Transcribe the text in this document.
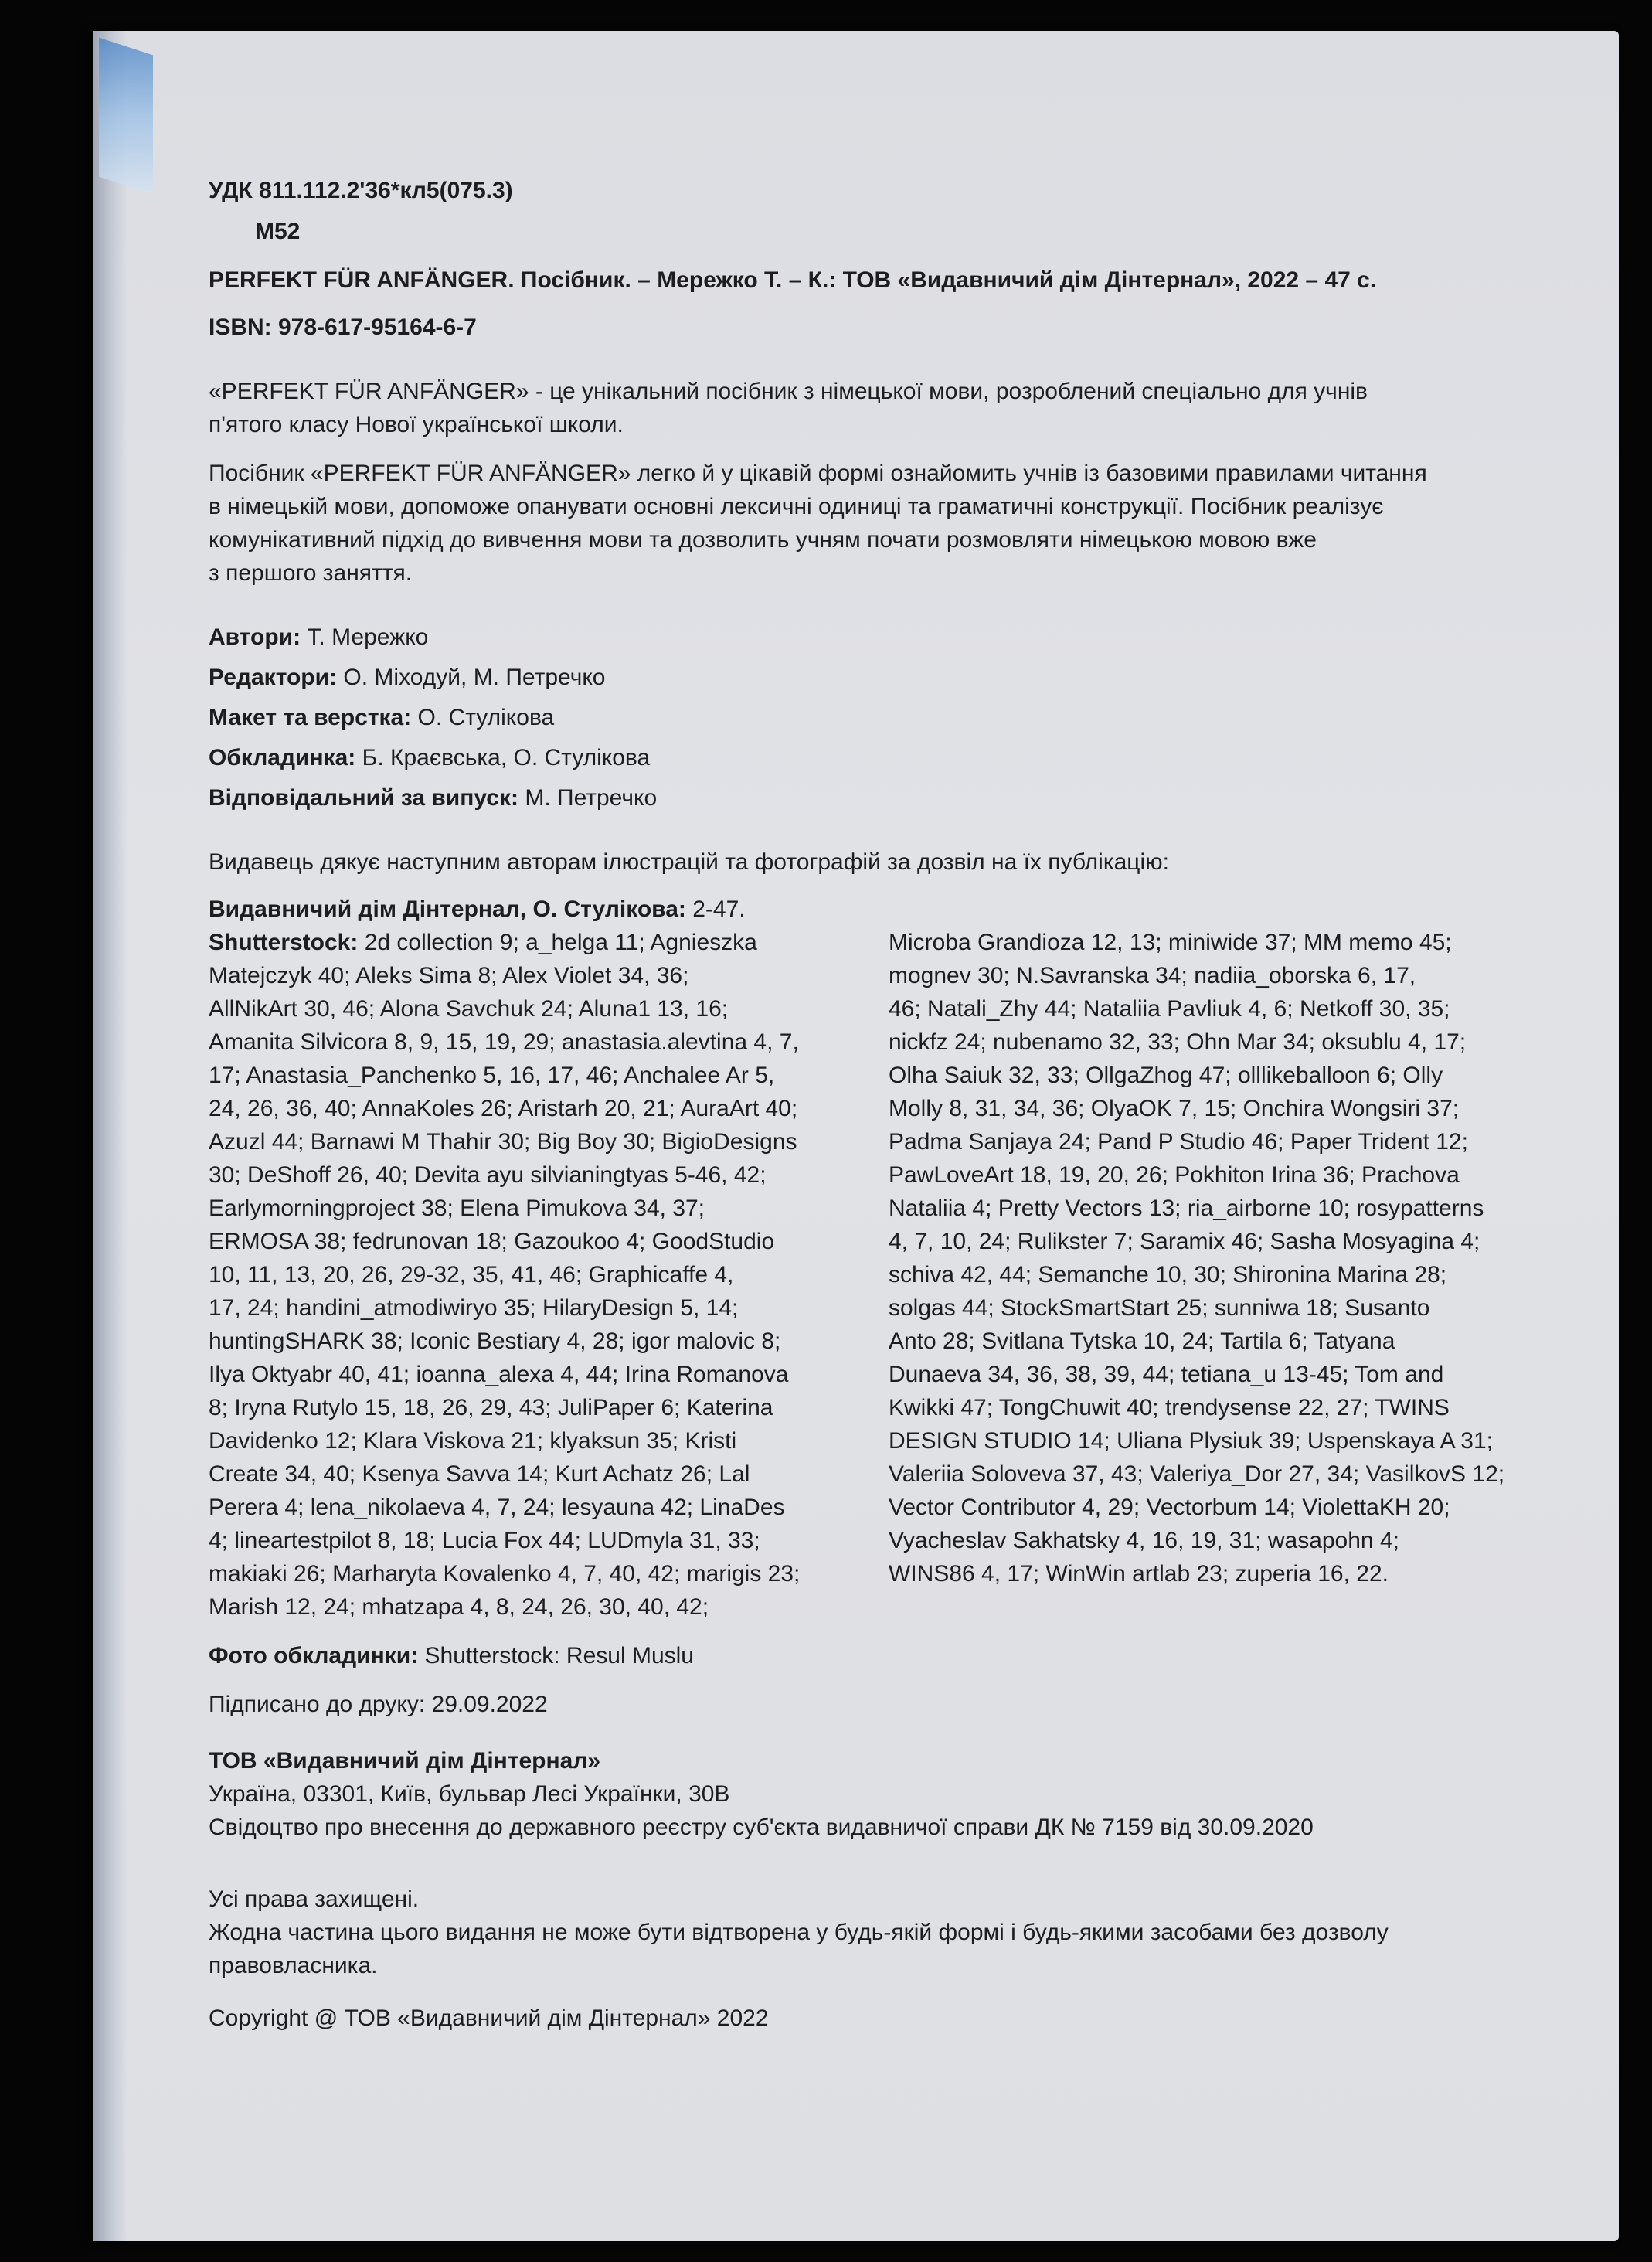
УДК 811.112.2'36*кл5(075.3)

М52

PERFEKT FÜR ANFÄNGER. Посібник. – Мережко Т. – К.: ТОВ «Видавничий дім Дінтернал», 2022 – 47 с.

ISBN: 978-617-95164-6-7

«PERFEKT FÜR ANFÄNGER» - це унікальний посібник з німецької мови, розроблений спеціально для учнів

п'ятого класу Нової української школи.

Посібник «PERFEKT FÜR ANFÄNGER» легко й у цікавій формі ознайомить учнів із базовими правилами читання

в німецькій мови, допоможе опанувати основні лексичні одиниці та граматичні конструкції. Посібник реалізує

комунікативний підхід до вивчення мови та дозволить учням почати розмовляти німецькою мовою вже

з першого заняття.

Автори: Т. Мережко

Редактори: О. Міходуй, М. Петречко

Макет та верстка: О. Стулікова

Обкладинка: Б. Краєвська, О. Стулікова

Відповідальний за випуск: М. Петречко

Видавець дякує наступним авторам ілюстрацій та фотографій за дозвіл на їх публікацію:

Видавничий дім Дінтернал, О. Стулікова: 2-47.

Shutterstock: 2d collection 9; a_helga 11; Agnieszka

Matejczyk 40; Aleks Sima 8; Alex Violet 34, 36;

AllNikArt 30, 46; Alona Savchuk 24; Aluna1 13, 16;

Amanita Silvicora 8, 9, 15, 19, 29; anastasia.alevtina 4, 7,

17; Anastasia_Panchenko 5, 16, 17, 46; Anchalee Ar 5,

24, 26, 36, 40; AnnaKoles 26; Aristarh 20, 21; AuraArt 40;

Azuzl 44; Barnawi M Thahir 30; Big Boy 30; BigioDesigns

30; DeShoff 26, 40; Devita ayu silvianingtyas 5-46, 42;

Earlymorningproject 38; Elena Pimukova 34, 37;

ERMOSA 38; fedrunovan 18; Gazoukoo 4; GoodStudio

10, 11, 13, 20, 26, 29-32, 35, 41, 46; Graphicaffe 4,

17, 24; handini_atmodiwiryo 35; HilaryDesign 5, 14;

huntingSHARK 38; Iconic Bestiary 4, 28; igor malovic 8;

Ilya Oktyabr 40, 41; ioanna_alexa 4, 44; Irina Romanova

8; Iryna Rutylo 15, 18, 26, 29, 43; JuliPaper 6; Katerina

Davidenko 12; Klara Viskova 21; klyaksun 35; Kristi

Create 34, 40; Ksenya Savva 14; Kurt Achatz 26; Lal

Perera 4; lena_nikolaeva 4, 7, 24; lesyauna 42; LinaDes

4; lineartestpilot 8, 18; Lucia Fox 44; LUDmyla 31, 33;

makiaki 26; Marharyta Kovalenko 4, 7, 40, 42; marigis 23;

Marish 12, 24; mhatzapa 4, 8, 24, 26, 30, 40, 42;

Microba Grandioza 12, 13; miniwide 37; MM memo 45;

mognev 30; N.Savranska 34; nadiia_oborska 6, 17,

46; Natali_Zhy 44; Nataliia Pavliuk 4, 6; Netkoff 30, 35;

nickfz 24; nubenamo 32, 33; Ohn Mar 34; oksublu 4, 17;

Olha Saiuk 32, 33; OllgaZhog 47; olllikeballoon 6; Olly

Molly 8, 31, 34, 36; OlyaOK 7, 15; Onchira Wongsiri 37;

Padma Sanjaya 24; Pand P Studio 46; Paper Trident 12;

PawLoveArt 18, 19, 20, 26; Pokhiton Irina 36; Prachova

Nataliia 4; Pretty Vectors 13; ria_airborne 10; rosypatterns

4, 7, 10, 24; Rulikster 7; Saramix 46; Sasha Mosyagina 4;

schiva 42, 44; Semanche 10, 30; Shironina Marina 28;

solgas 44; StockSmartStart 25; sunniwa 18; Susanto

Anto 28; Svitlana Tytska 10, 24; Tartila 6; Tatyana

Dunaeva 34, 36, 38, 39, 44; tetiana_u 13-45; Tom and

Kwikki 47; TongChuwit 40; trendysense 22, 27; TWINS

DESIGN STUDIO 14; Uliana Plysiuk 39; Uspenskaya A 31;

Valeriia Soloveva 37, 43; Valeriya_Dor 27, 34; VasilkovS 12;

Vector Contributor 4, 29; Vectorbum 14; ViolettaKH 20;

Vyacheslav Sakhatsky 4, 16, 19, 31; wasapohn 4;

WINS86 4, 17; WinWin artlab 23; zuperia 16, 22.

Фото обкладинки: Shutterstock: Resul Muslu

Підписано до друку: 29.09.2022

ТОВ «Видавничий дім Дінтернал»

Україна, 03301, Київ, бульвар Лесі Українки, 30В

Свідоцтво про внесення до державного реєстру суб'єкта видавничої справи ДК № 7159 від 30.09.2020

Усі права захищені.

Жодна частина цього видання не може бути відтворена у будь-якій формі і будь-якими засобами без дозволу

правовласника.

Copyright @ ТОВ «Видавничий дім Дінтернал» 2022
